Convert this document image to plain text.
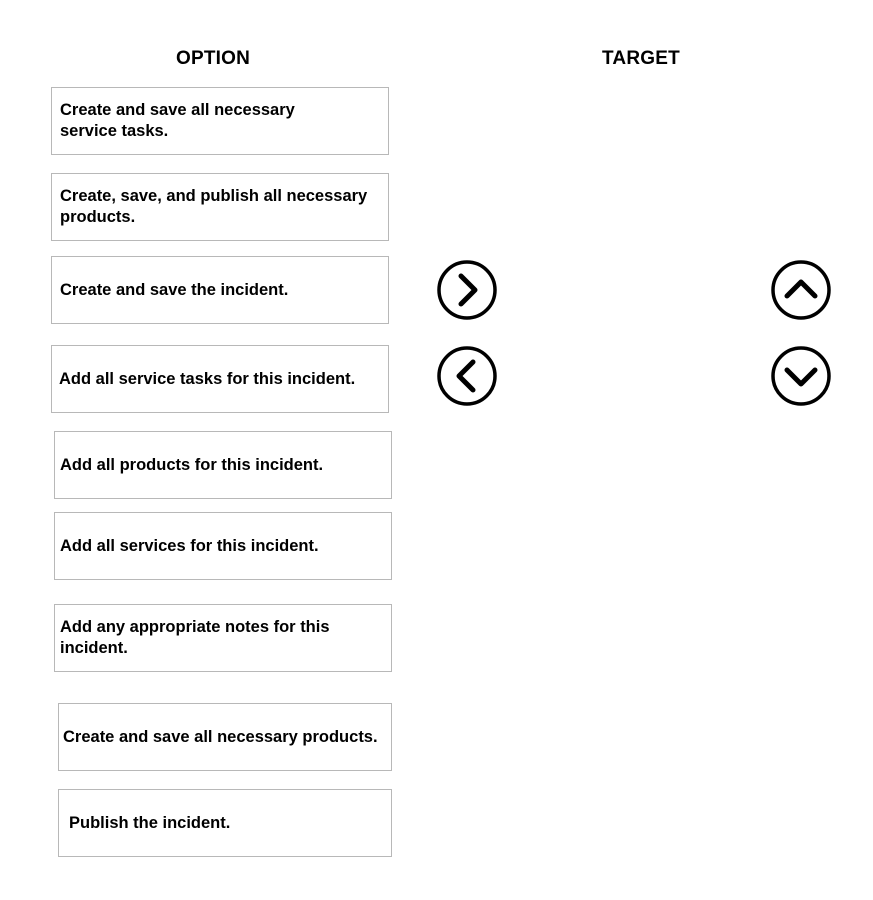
OPTION	TARGET
Create and save all necessary service tasks.
Create, save, and publish all necessary products.
Create and save the incident.
Add all service tasks for this incident.
Add all products for this incident.
Add all services for this incident.
Add any appropriate notes for this incident.
Create and save all necessary products.
Publish the incident.
